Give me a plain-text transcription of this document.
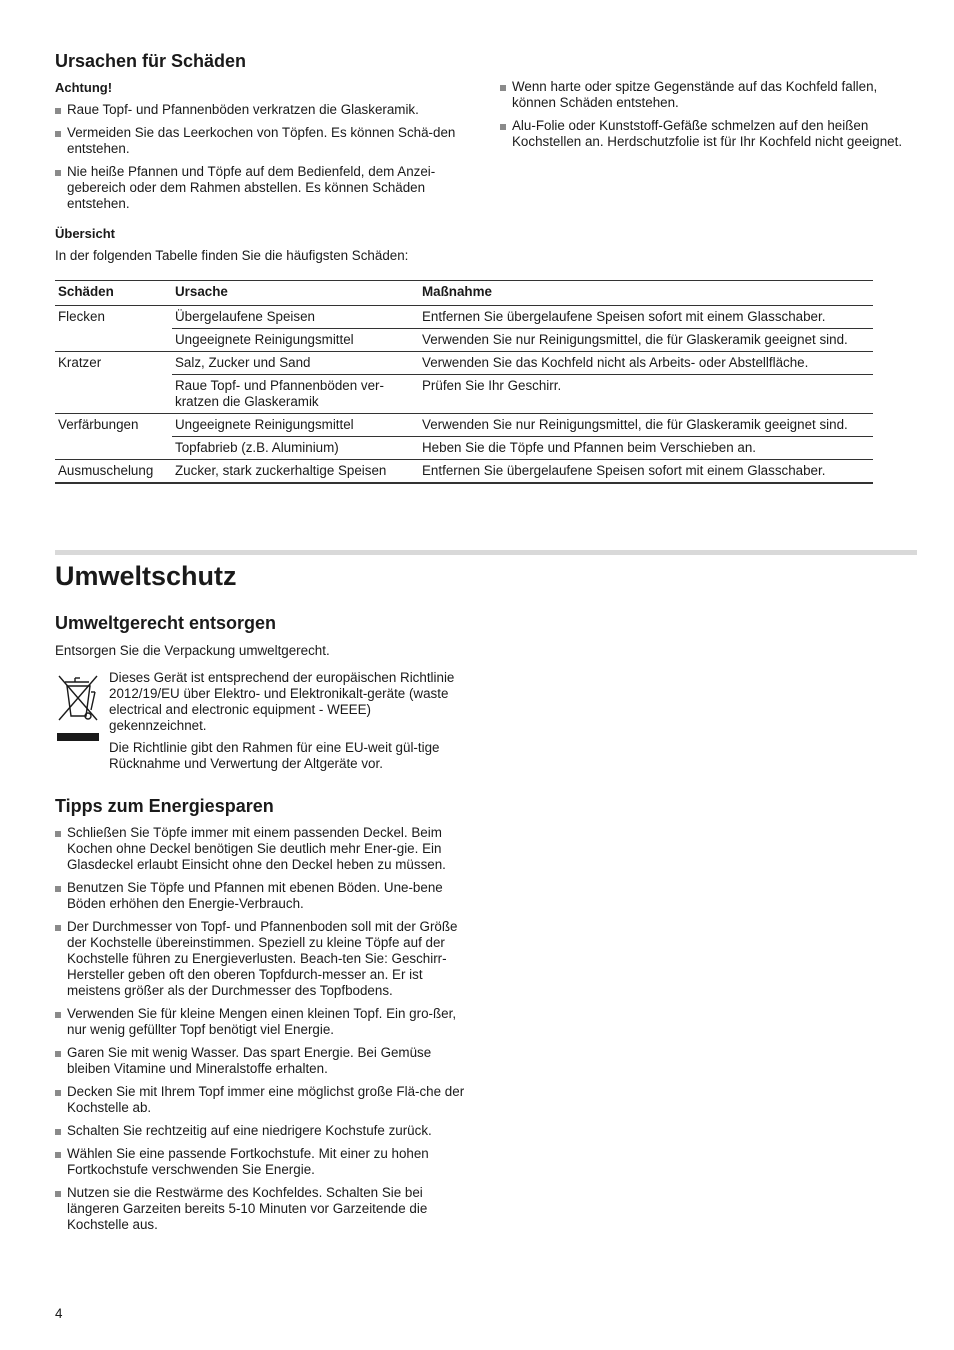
Ursachen für Schäden
Achtung!
Raue Topf- und Pfannenböden verkratzen die Glaskeramik.
Vermeiden Sie das Leerkochen von Töpfen. Es können Schä-den entstehen.
Nie heiße Pfannen und Töpfe auf dem Bedienfeld, dem Anzei-gebereich oder dem Rahmen abstellen. Es können Schäden entstehen.
Wenn harte oder spitze Gegenstände auf das Kochfeld fallen, können Schäden entstehen.
Alu-Folie oder Kunststoff-Gefäße schmelzen auf den heißen Kochstellen an. Herdschutzfolie ist für Ihr Kochfeld nicht geeignet.
Übersicht

In der folgenden Tabelle finden Sie die häufigsten Schäden:

Schäden	Ursache	Maßnahme
Flecken	Übergelaufene Speisen	Entfernen Sie übergelaufene Speisen sofort mit einem Glasschaber.
	Ungeeignete Reinigungsmittel	Verwenden Sie nur Reinigungsmittel, die für Glaskeramik geeignet sind.
Kratzer	Salz, Zucker und Sand	Verwenden Sie das Kochfeld nicht als Arbeits- oder Abstellfläche.
	Raue Topf- und Pfannenböden ver-kratzen die Glaskeramik	Prüfen Sie Ihr Geschirr.
Verfärbungen	Ungeeignete Reinigungsmittel	Verwenden Sie nur Reinigungsmittel, die für Glaskeramik geeignet sind.
	Topfabrieb (z.B. Aluminium)	Heben Sie die Töpfe und Pfannen beim Verschieben an.
Ausmuschelung	Zucker, stark zuckerhaltige Speisen	Entfernen Sie übergelaufene Speisen sofort mit einem Glasschaber.
Umweltschutz
Umweltgerecht entsorgen

Entsorgen Sie die Verpackung umweltgerecht.

Dieses Gerät ist entsprechend der europäischen Richtlinie 2012/19/EU über Elektro- und Elektronikalt-geräte (waste electrical and electronic equipment - WEEE) gekennzeichnet.

Die Richtlinie gibt den Rahmen für eine EU-weit gül-tige Rücknahme und Verwertung der Altgeräte vor.

Tipps zum Energiesparen
Schließen Sie Töpfe immer mit einem passenden Deckel. Beim Kochen ohne Deckel benötigen Sie deutlich mehr Ener-gie. Ein Glasdeckel erlaubt Einsicht ohne den Deckel heben zu müssen.
Benutzen Sie Töpfe und Pfannen mit ebenen Böden. Une-bene Böden erhöhen den Energie-Verbrauch.
Der Durchmesser von Topf- und Pfannenboden soll mit der Größe der Kochstelle übereinstimmen. Speziell zu kleine Töpfe auf der Kochstelle führen zu Energieverlusten. Beach-ten Sie: Geschirr-Hersteller geben oft den oberen Topfdurch-messer an. Er ist meistens größer als der Durchmesser des Topfbodens.
Verwenden Sie für kleine Mengen einen kleinen Topf. Ein gro-ßer, nur wenig gefüllter Topf benötigt viel Energie.
Garen Sie mit wenig Wasser. Das spart Energie. Bei Gemüse bleiben Vitamine und Mineralstoffe erhalten.
Decken Sie mit Ihrem Topf immer eine möglichst große Flä-che der Kochstelle ab.
Schalten Sie rechtzeitig auf eine niedrigere Kochstufe zurück.
Wählen Sie eine passende Fortkochstufe. Mit einer zu hohen Fortkochstufe verschwenden Sie Energie.
Nutzen sie die Restwärme des Kochfeldes. Schalten Sie bei längeren Garzeiten bereits 5-10 Minuten vor Garzeitende die Kochstelle aus.
4
